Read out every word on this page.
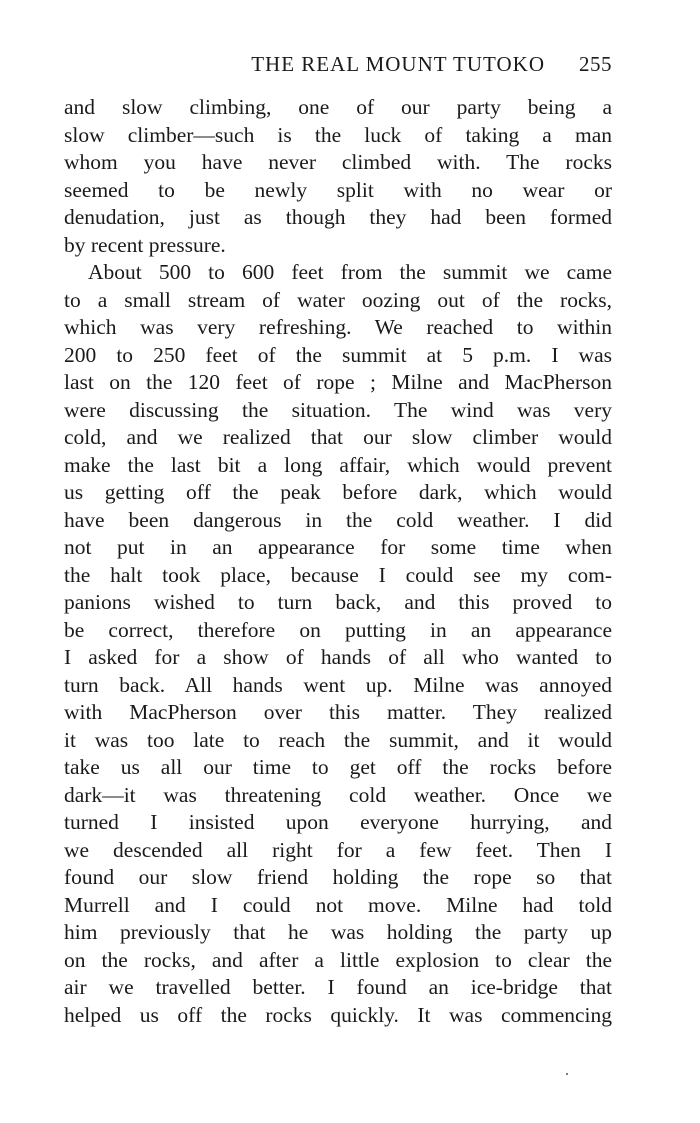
THE REAL MOUNT TUTOKO 255
and slow climbing, one of our party being a
slow climber—such is the luck of taking a man
whom you have never climbed with. The rocks
seemed to be newly split with no wear or
denudation, just as though they had been formed
by recent pressure.
About 500 to 600 feet from the summit we came
to a small stream of water oozing out of the rocks,
which was very refreshing. We reached to within
200 to 250 feet of the summit at 5 p.m. I was
last on the 120 feet of rope ; Milne and MacPherson
were discussing the situation. The wind was very
cold, and we realized that our slow climber would
make the last bit a long affair, which would prevent
us getting off the peak before dark, which would
have been dangerous in the cold weather. I did
not put in an appearance for some time when
the halt took place, because I could see my com-
panions wished to turn back, and this proved to
be correct, therefore on putting in an appearance
I asked for a show of hands of all who wanted to
turn back. All hands went up. Milne was annoyed
with MacPherson over this matter. They realized
it was too late to reach the summit, and it would
take us all our time to get off the rocks before
dark—it was threatening cold weather. Once we
turned I insisted upon everyone hurrying, and
we descended all right for a few feet. Then I
found our slow friend holding the rope so that
Murrell and I could not move. Milne had told
him previously that he was holding the party up
on the rocks, and after a little explosion to clear the
air we travelled better. I found an ice-bridge that
helped us off the rocks quickly. It was commencing
